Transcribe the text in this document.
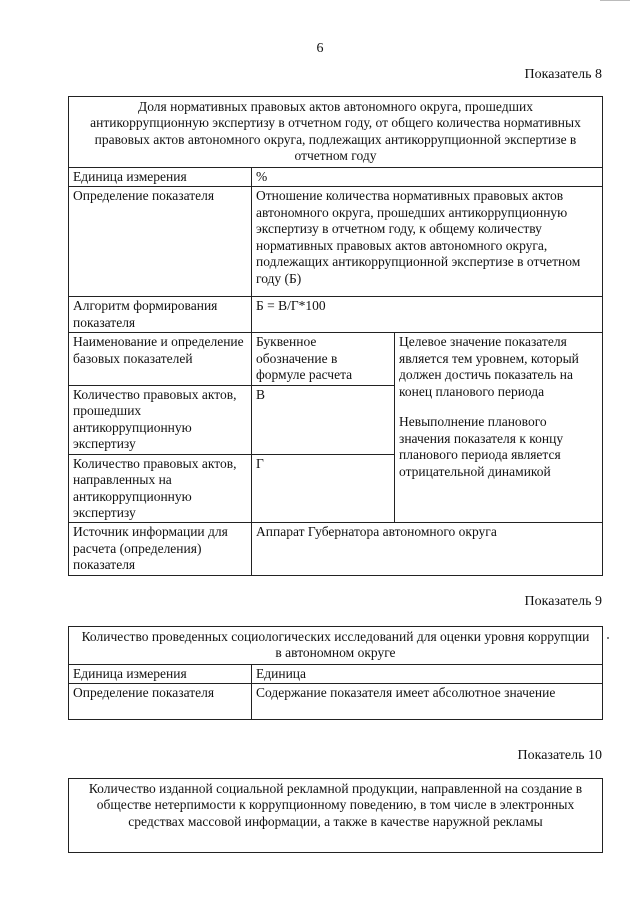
6
Показатель 8
Доля нормативных правовых актов автономного округа, прошедших антикоррупционную экспертизу в отчетном году, от общего количества нормативных правовых актов автономного округа, подлежащих антикоррупционной экспертизе в отчетном году		
Единица измерения	%	
Определение показателя	Отношение количества нормативных правовых актов автономного округа, прошедших антикоррупционную экспертизу в отчетном году, к общему количеству нормативных правовых актов автономного округа, подлежащих антикоррупционной экспертизе в отчетном году (Б)	
Алгоритм формирования показателя	Б = В/Г*100	
Наименование и определение базовых показателей	Буквенное обозначение в формуле расчета	Целевое значение показателя является тем уровнем, который должен достичь показатель на конец планового периода
Невыполнение планового значения показателя к концу планового периода является отрицательной динамикой

Количество правовых актов, прошедших антикоррупционную экспертизу	В	
Количество правовых актов, направленных на антикоррупционную экспертизу	Г	
Источник информации для расчета (определения) показателя	Аппарат Губернатора автономного округа	
Показатель 9
Количество проведенных социологических исследований для оценки уровня коррупции в автономном округе	
Единица измерения	Единица
Определение показателя	Содержание показателя имеет абсолютное значение
Показатель 10
Количество изданной социальной рекламной продукции, направленной на создание в обществе нетерпимости к коррупционному поведению, в том числе в электронных средствах массовой информации, а также в качестве наружной рекламы
